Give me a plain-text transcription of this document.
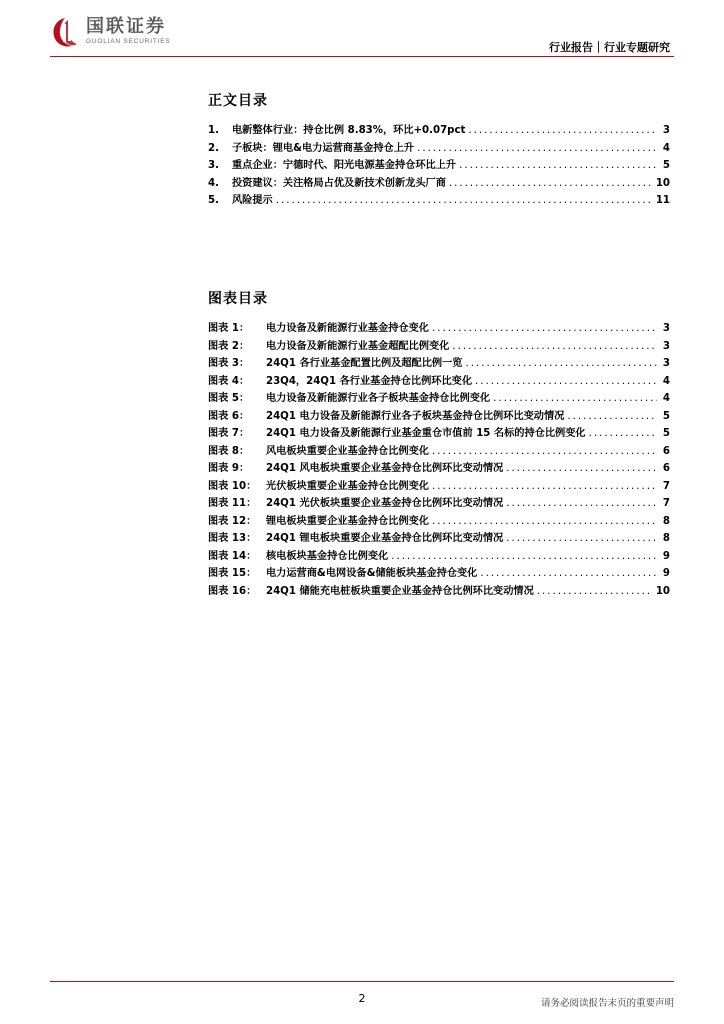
国联证券
GUOLIAN SECURITIES	行业报告｜行业专题研究
正文目录
1.	电新整体行业：持仓比例 8.83%，环比+0.07pct .....	3
2.	子板块：锂电&电力运营商基金持仓上升 .....	4
3.	重点企业：宁德时代、阳光电源基金持仓环比上升 .....	5
4.	投资建议：关注格局占优及新技术创新龙头厂商 .....	10
5.	风险提示 .....	11
图表目录
图表 1：	电力设备及新能源行业基金持仓变化 .....	3
图表 2：	电力设备及新能源行业基金超配比例变化 .....	3
图表 3：	24Q1 各行业基金配置比例及超配比例一览 .....	3
图表 4：	23Q4，24Q1 各行业基金持仓比例环比变化 .....	4
图表 5：	电力设备及新能源行业各子板块基金持仓比例变化 .....	4
图表 6：	24Q1 电力设备及新能源行业各子板块基金持仓比例环比变动情况 .....	5
图表 7：	24Q1 电力设备及新能源行业基金重仓市值前 15 名标的持仓比例变化 .....	5
图表 8：	风电板块重要企业基金持仓比例变化 .....	6
图表 9：	24Q1 风电板块重要企业基金持仓比例环比变动情况 .....	6
图表 10： 光伏板块重要企业基金持仓比例变化 .....	7
图表 11： 24Q1 光伏板块重要企业基金持仓比例环比变动情况 .....	7
图表 12： 锂电板块重要企业基金持仓比例变化 .....	8
图表 13： 24Q1 锂电板块重要企业基金持仓比例环比变动情况 .....	8
图表 14： 核电板块基金持仓比例变化 .....	9
图表 15： 电力运营商&电网设备&储能板块基金持仓变化 .....	9
图表 16： 24Q1 储能充电桩板块重要企业基金持仓比例环比变动情况 .....	10
2	请务必阅读报告末页的重要声明
